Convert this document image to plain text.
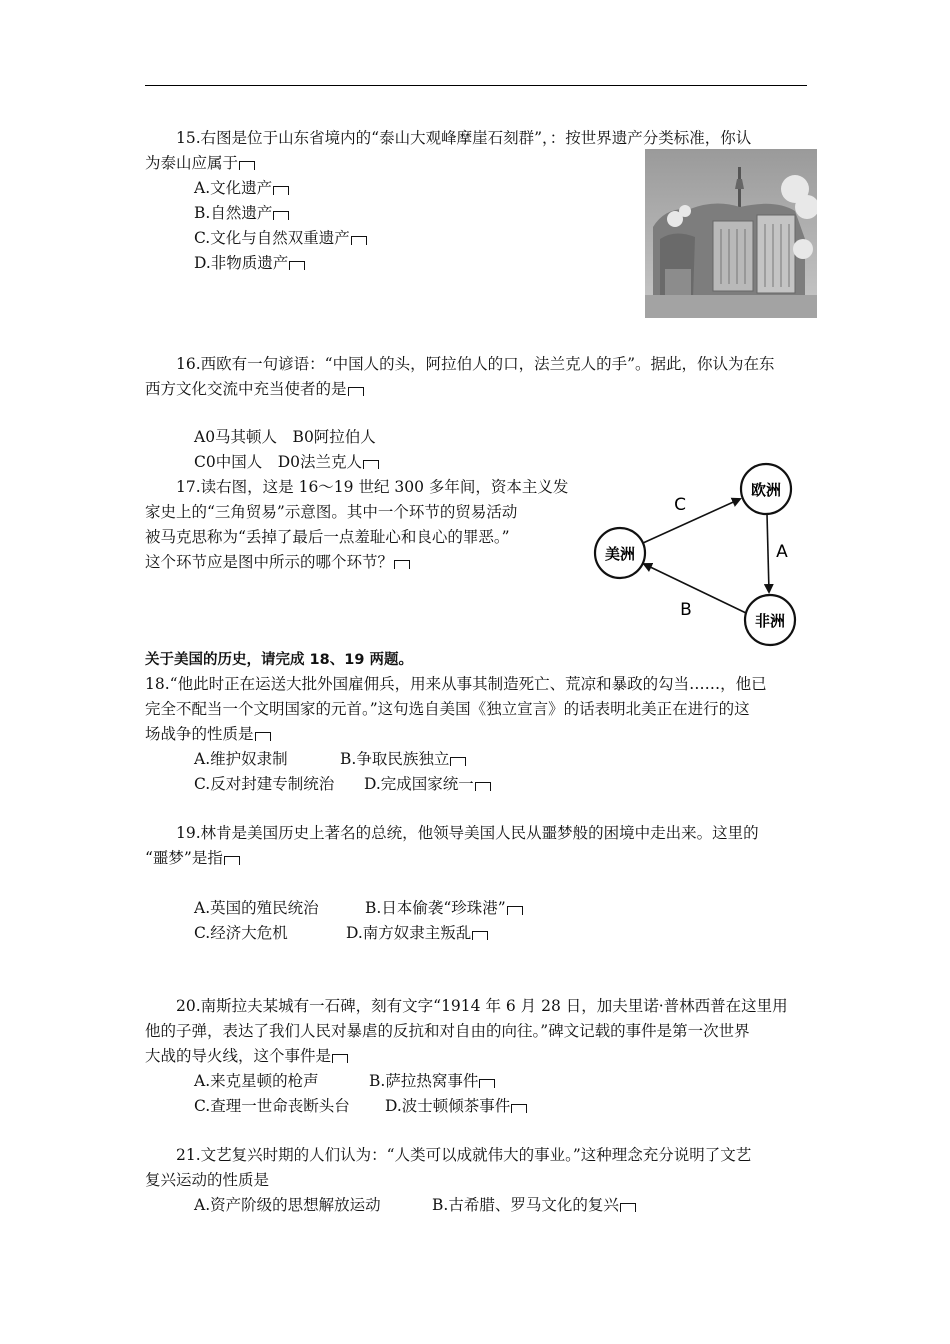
15.右图是位于山东省境内的“泰山大观峰摩崖石刻群”，：按世界遗产分类标准，你认
为泰山应属于
A.文化遗产
B.自然遗产
C.文化与自然双重遗产
D.非物质遗产
16.西欧有一句谚语：“中国人的头，阿拉伯人的口，法兰克人的手”。据此，你认为在东
西方文化交流中充当使者的是
A0马其顿人　B0阿拉伯人
C0中国人　D0法兰克人
17.读右图，这是 16～19 世纪 300 多年间，资本主义发
家史上的“三角贸易”示意图。其中一个环节的贸易活动
被马克思称为“丢掉了最后一点羞耻心和良心的罪恶。”
这个环节应是图中所示的哪个环节？
欧洲
美洲
非洲
C
A
B
关于美国的历史，请完成 18、19 两题。
18.“他此时正在运送大批外国雇佣兵，用来从事其制造死亡、荒凉和暴政的勾当……，他已
完全不配当一个文明国家的元首。”这句选自美国《独立宣言》的话表明北美正在进行的这
场战争的性质是
A.维护奴隶制	B.争取民族独立
C.反对封建专制统治 D.完成国家统一
19.林肯是美国历史上著名的总统，他领导美国人民从噩梦般的困境中走出来。这里的
“噩梦”是指
A.英国的殖民统治	B.日本偷袭“珍珠港”
C.经济大危机	D.南方奴隶主叛乱
20.南斯拉夫某城有一石碑，刻有文字“1914 年 6 月 28 日，加夫里诺·普林西普在这里用
他的子弹，表达了我们人民对暴虐的反抗和对自由的向往。”碑文记载的事件是第一次世界
大战的导火线，这个事件是
A.来克星顿的枪声	B.萨拉热窝事件
C.查理一世命丧断头台 D.波士顿倾茶事件
21.文艺复兴时期的人们认为：“人类可以成就伟大的事业。”这种理念充分说明了文艺
复兴运动的性质是
A.资产阶级的思想解放运动	B.古希腊、罗马文化的复兴
